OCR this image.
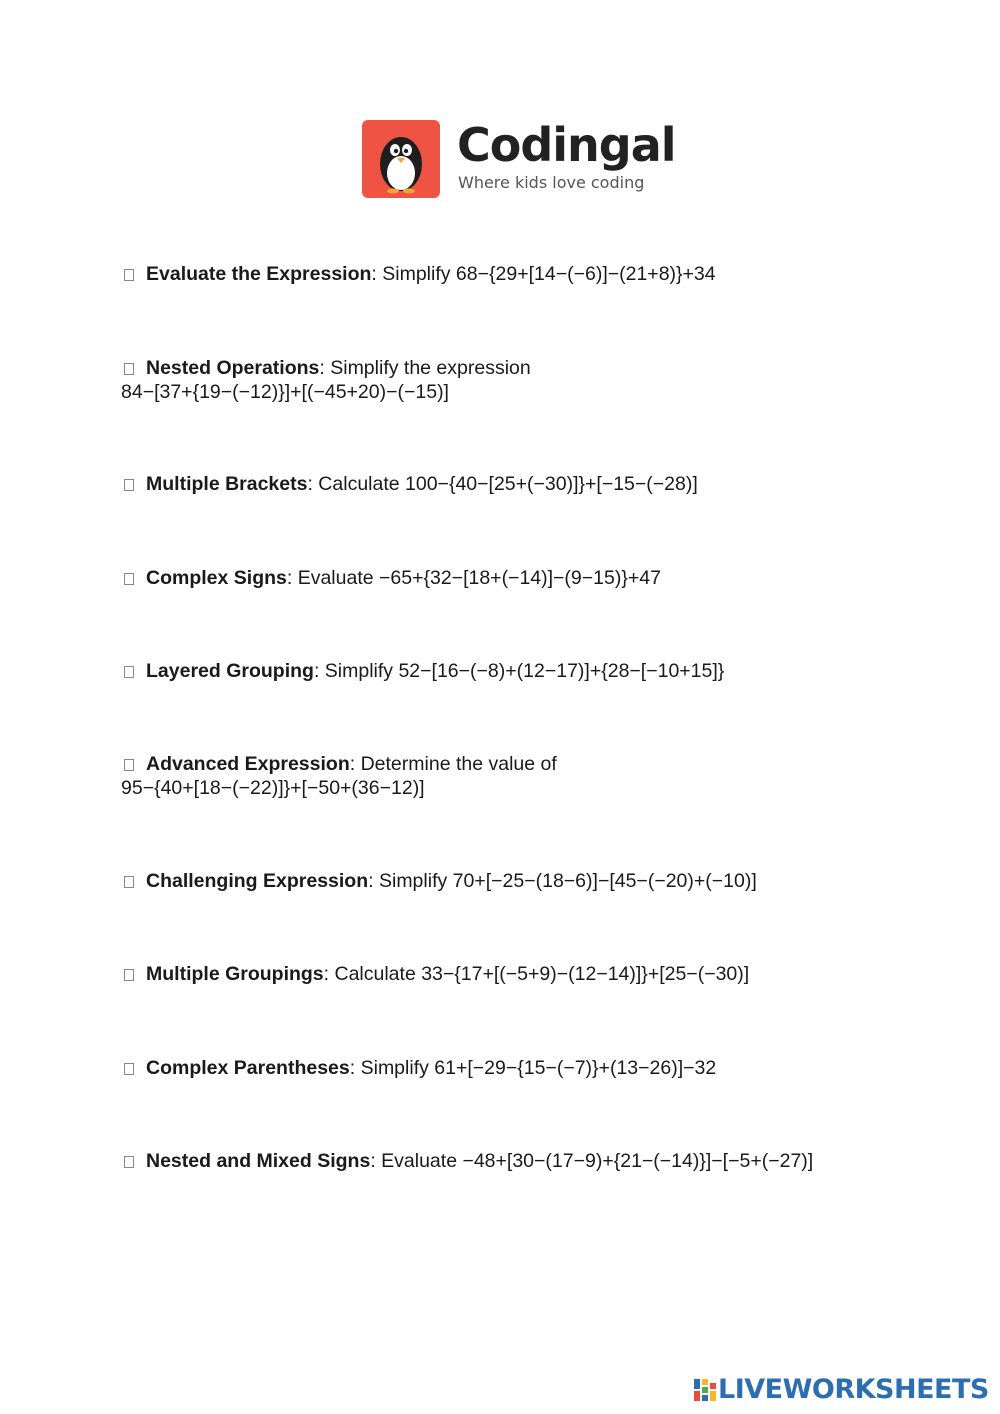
Codingal
Where kids love coding
Evaluate the Expression: Simplify 68−{29+[14−(−6)]−(21+8)}+34
Nested Operations: Simplify the expression
84−[37+{19−(−12)}]+[(−45+20)−(−15)]
Multiple Brackets: Calculate 100−{40−[25+(−30)]}+[−15−(−28)]
Complex Signs: Evaluate −65+{32−[18+(−14)]−(9−15)}+47
Layered Grouping: Simplify 52−[16−(−8)+(12−17)]+{28−[−10+15]}
Advanced Expression: Determine the value of
95−{40+[18−(−22)]}+[−50+(36−12)]
Challenging Expression: Simplify 70+[−25−(18−6)]−[45−(−20)+(−10)]
Multiple Groupings: Calculate 33−{17+[(−5+9)−(12−14)]}+[25−(−30)]
Complex Parentheses: Simplify 61+[−29−{15−(−7)}+(13−26)]−32
Nested and Mixed Signs: Evaluate −48+[30−(17−9)+{21−(−14)}]−[−5+(−27)]
LIVEWORKSHEETS
